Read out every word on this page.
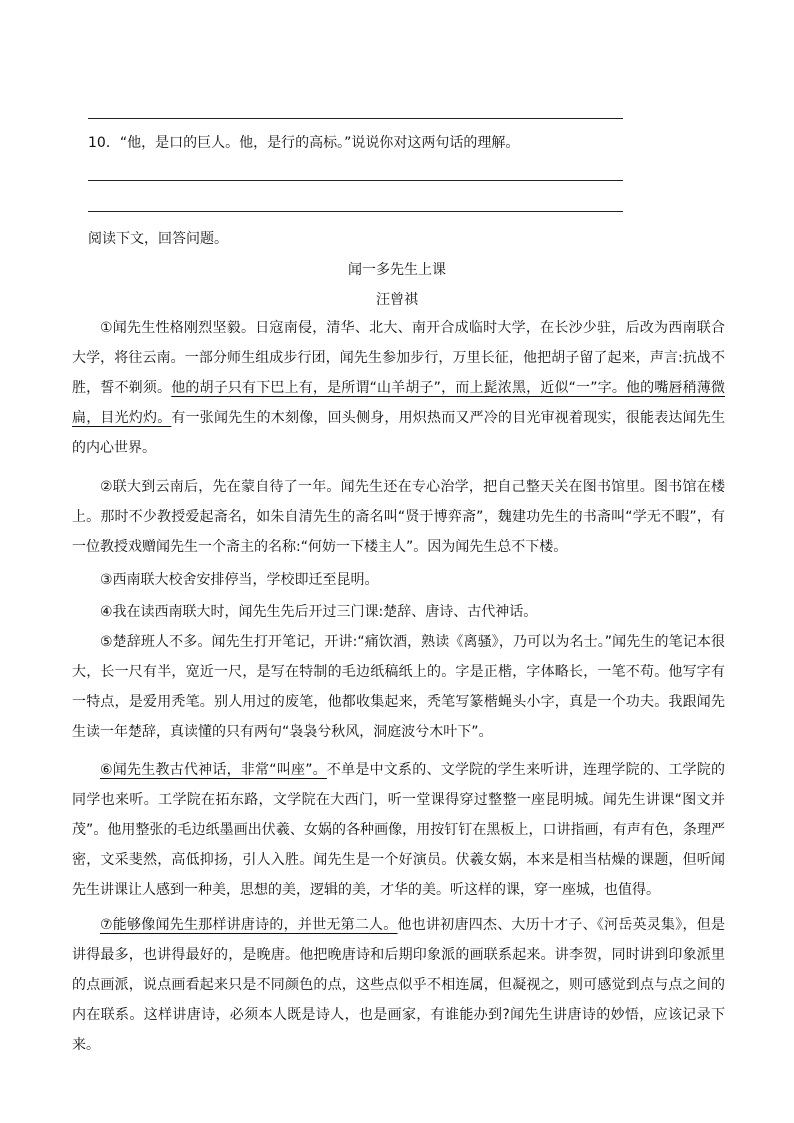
10．“他，是口的巨人。他，是行的高标。”说说你对这两句话的理解。
阅读下文，回答问题。
闻一多先生上课
汪曾祺
①闻先生性格刚烈坚毅。日寇南侵，清华、北大、南开合成临时大学，在长沙少驻，后改为西南联合大学，将往云南。一部分师生组成步行团，闻先生参加步行，万里长征，他把胡子留了起来，声言:抗战不胜，誓不剃须。他的胡子只有下巴上有，是所谓“山羊胡子”，而上髭浓黑，近似“一”字。他的嘴唇稍薄微扁，目光灼灼。有一张闻先生的木刻像，回头侧身，用炽热而又严冷的目光审视着现实，很能表达闻先生的内心世界。
②联大到云南后，先在蒙自待了一年。闻先生还在专心治学，把自己整天关在图书馆里。图书馆在楼上。那时不少教授爱起斋名，如朱自清先生的斋名叫“贤于博弈斋”，魏建功先生的书斋叫“学无不暇”，有一位教授戏赠闻先生一个斋主的名称:“何妨一下楼主人”。因为闻先生总不下楼。
③西南联大校舍安排停当，学校即迁至昆明。
④我在读西南联大时，闻先生先后开过三门课:楚辞、唐诗、古代神话。
⑤楚辞班人不多。闻先生打开笔记，开讲:“痛饮酒，熟读《离骚》，乃可以为名士。”闻先生的笔记本很大，长一尺有半，宽近一尺，是写在特制的毛边纸稿纸上的。字是正楷，字体略长，一笔不苟。他写字有一特点，是爱用秃笔。别人用过的废笔，他都收集起来，秃笔写篆楷蝇头小字，真是一个功夫。我跟闻先生读一年楚辞，真读懂的只有两句“袅袅兮秋风，洞庭波兮木叶下”。
⑥闻先生教古代神话，非常“叫座”。不单是中文系的、文学院的学生来听讲，连理学院的、工学院的同学也来听。工学院在拓东路，文学院在大西门，听一堂课得穿过整整一座昆明城。闻先生讲课“图文并茂”。他用整张的毛边纸墨画出伏羲、女娲的各种画像，用按钉钉在黑板上，口讲指画，有声有色，条理严密，文采斐然，高低抑扬，引人入胜。闻先生是一个好演员。伏羲女娲，本来是相当枯燥的课题，但听闻先生讲课让人感到一种美，思想的美，逻辑的美，才华的美。听这样的课，穿一座城，也值得。
⑦能够像闻先生那样讲唐诗的，并世无第二人。他也讲初唐四杰、大历十才子、《河岳英灵集》，但是讲得最多，也讲得最好的，是晚唐。他把晚唐诗和后期印象派的画联系起来。讲李贺，同时讲到印象派里的点画派，说点画看起来只是不同颜色的点，这些点似乎不相连属，但凝视之，则可感觉到点与点之间的内在联系。这样讲唐诗，必须本人既是诗人，也是画家，有谁能办到?闻先生讲唐诗的妙悟，应该记录下来。
